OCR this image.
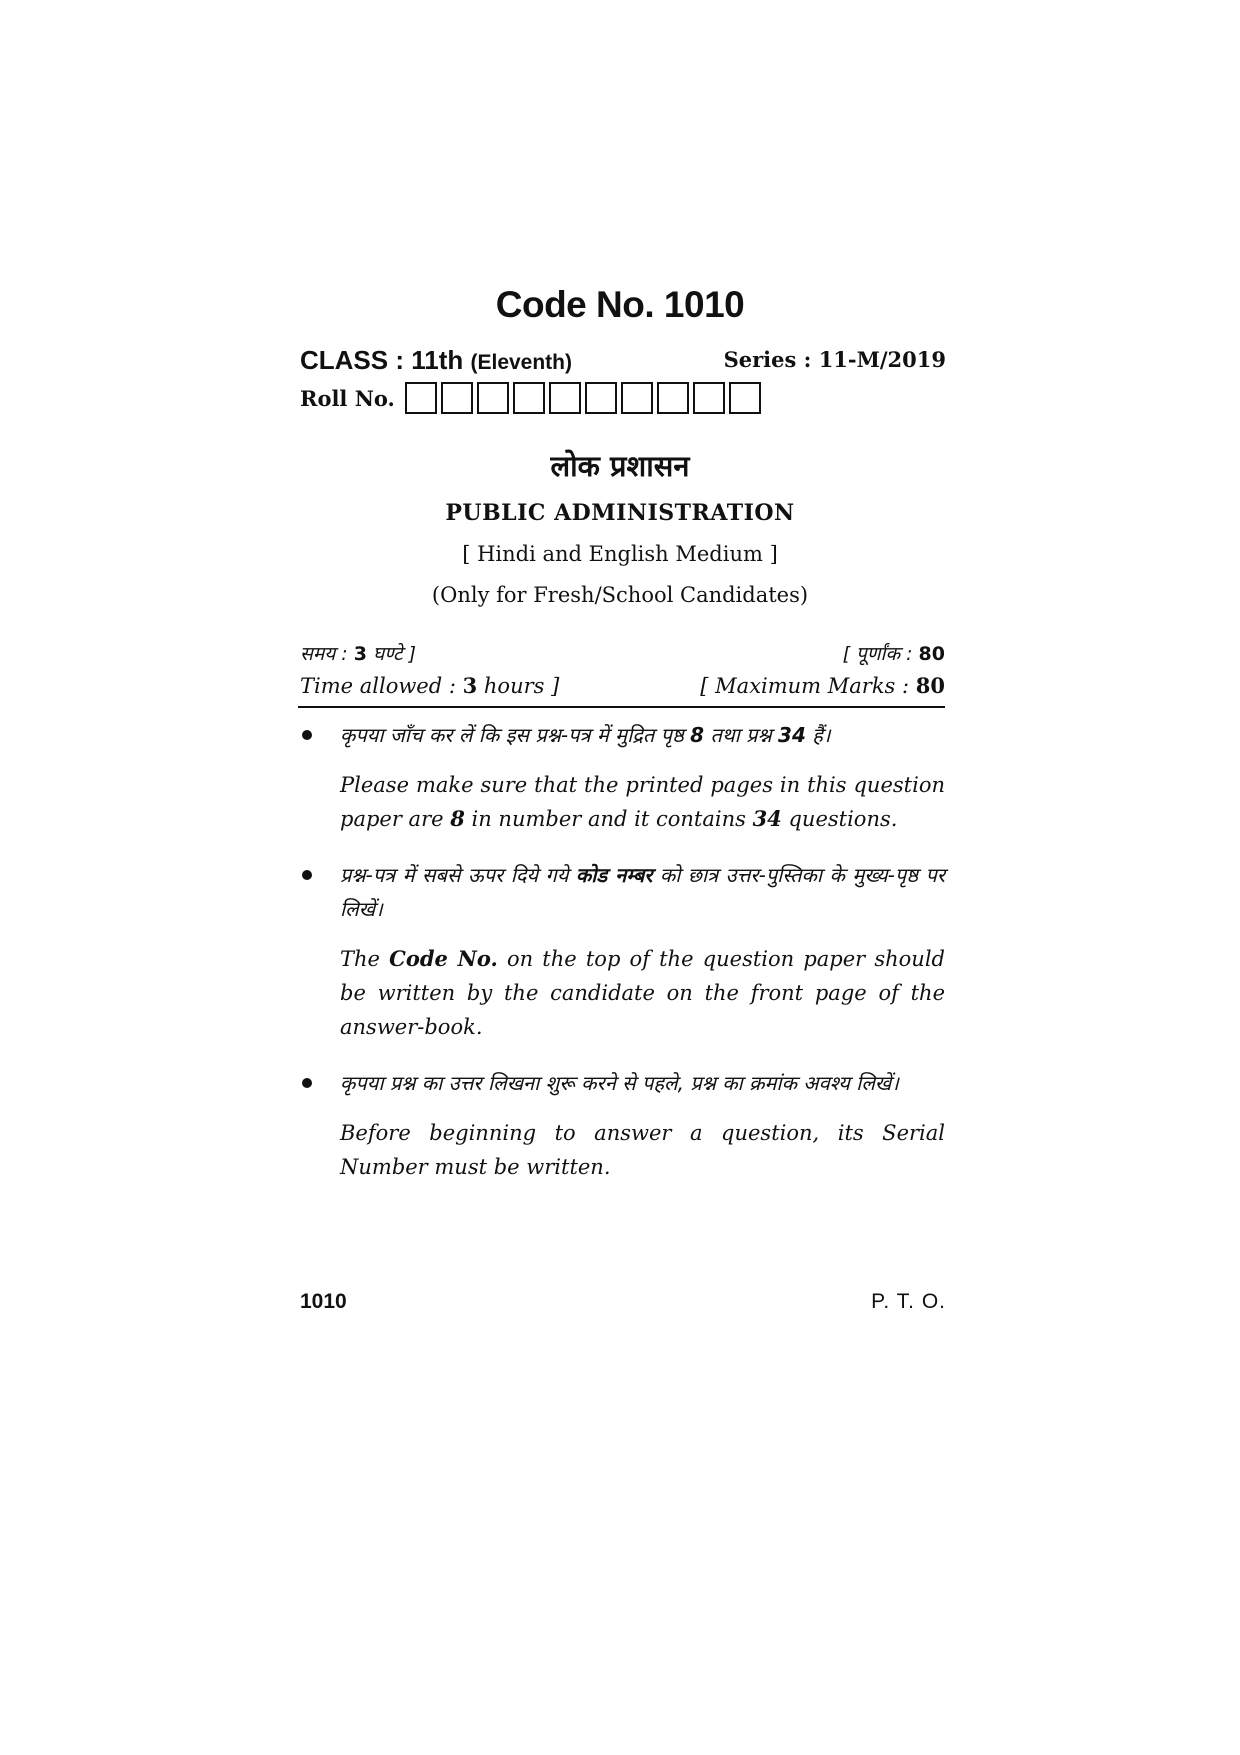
Code No. 1010
CLASS : 11th (Eleventh)	Series : 11-M/2019
Roll No.
लोक प्रशासन
PUBLIC ADMINISTRATION
[ Hindi and English Medium ]
(Only for Fresh/School Candidates)
समय : 3 घण्टे ]	[ पूर्णांक : 80
Time allowed : 3 hours ]	[ Maximum Marks : 80
कृपया जाँच कर लें कि इस प्रश्न-पत्र में मुद्रित पृष्ठ 8 तथा प्रश्न 34 हैं।
Please make sure that the printed pages in this question paper are 8 in number and it contains 34 questions.
प्रश्न-पत्र में सबसे ऊपर दिये गये कोड नम्बर को छात्र उत्तर-पुस्तिका के मुख्य-पृष्ठ पर लिखें।
The Code No. on the top of the question paper should be written by the candidate on the front page of the answer-book.
कृपया प्रश्न का उत्तर लिखना शुरू करने से पहले, प्रश्न का क्रमांक अवश्य लिखें।
Before beginning to answer a question, its Serial Number must be written.
1010	P. T. O.
